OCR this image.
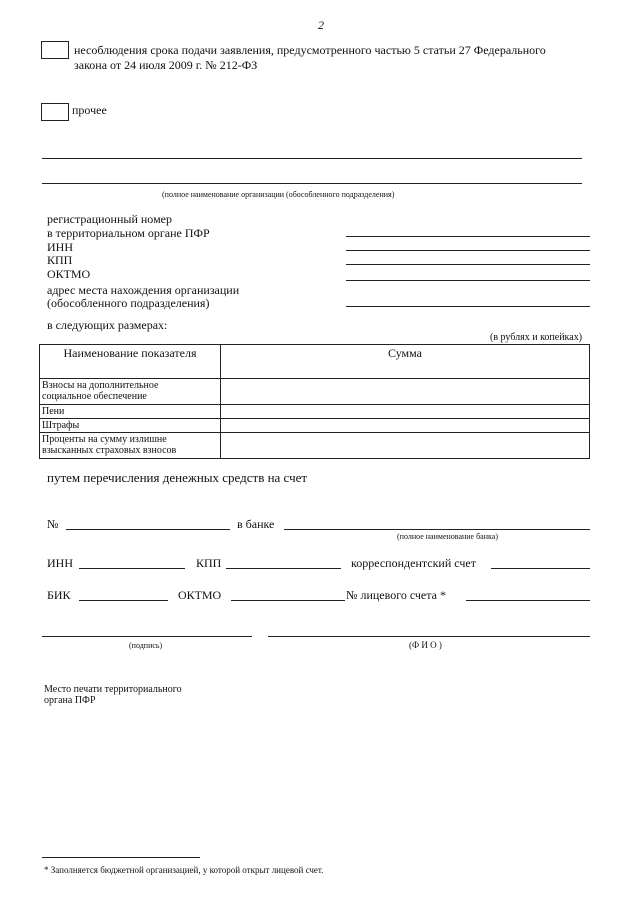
2
несоблюдения срока подачи заявления, предусмотренного частью 5 статьи 27 Федерального
закона от 24 июля 2009 г. № 212-ФЗ
прочее
(полное наименование организации (обособленного подразделения)
регистрационный номер
в территориальном органе ПФР
ИНН
КПП
ОКТМО
адрес места нахождения организации
(обособленного подразделения)
в следующих размерах:
(в рублях и копейках)
Наименование показателя	Сумма

Взносы на дополнительное
социальное обеспечение	

Пени	
Штрафы	

Проценты на сумму излишне
взысканных страховых взносов	

путем перечисления денежных средств на счет
№	в банке
(полное наименование банка)
ИНН	КПП	корреспондентский счет
БИК	ОКТМО	№ лицевого счета *
(подпись)	(Ф И О )
Место печати территориального
органа ПФР
* Заполняется бюджетной организацией, у которой открыт лицевой счет.
